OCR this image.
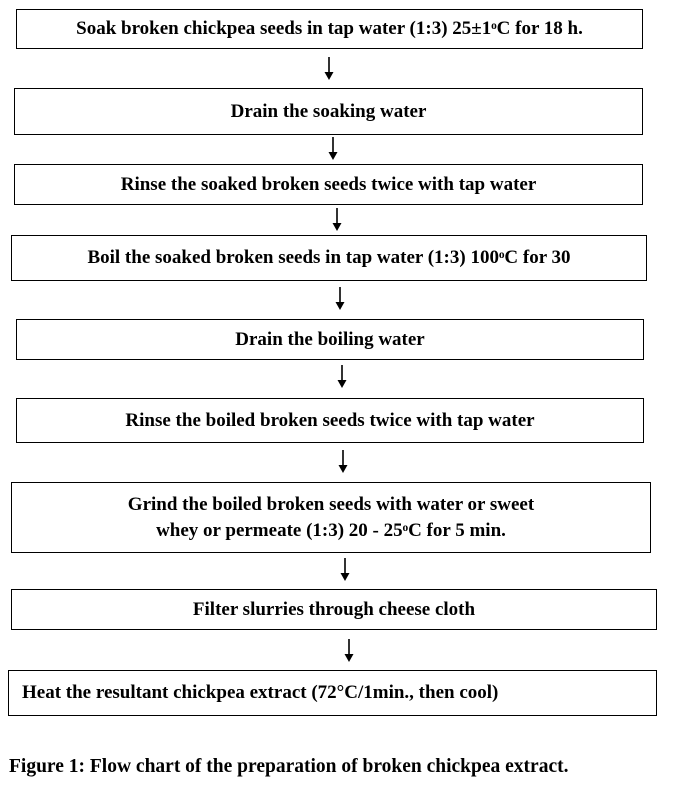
Soak broken chickpea seeds in tap water (1:3) 25±1ᵒC for 18 h.
Drain the soaking water
Rinse the soaked broken seeds twice with tap water
Boil the soaked broken seeds in tap water (1:3) 100ᵒC for 30
Drain the boiling water
Rinse the boiled broken seeds twice with tap water
Grind the boiled broken seeds with water or sweet
whey or permeate (1:3) 20 - 25ᵒC for 5 min.
Filter slurries through cheese cloth
Heat the resultant chickpea extract (72°C/1min., then cool)
Figure 1: Flow chart of the preparation of broken chickpea extract.
